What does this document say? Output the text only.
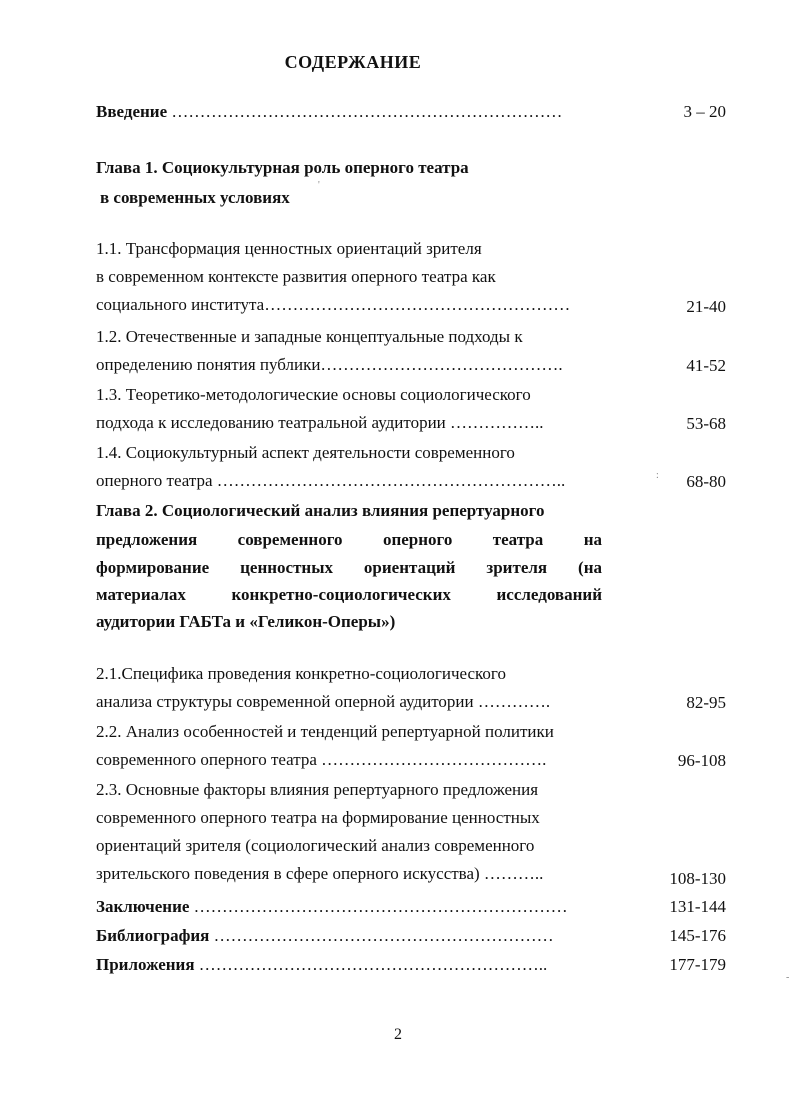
СОДЕРЖАНИЕ
Введение ……………………………………………………………	3 – 20
Глава 1. Социокультурная роль оперного театра
в современных условиях
1.1. Трансформация ценностных ориентаций зрителя
в современном контексте развития оперного театра как
социального института………………………………………………	21-40
1.2. Отечественные и западные концептуальные подходы к
определению понятия публики…………………………………….	41-52
1.3. Теоретико-методологические основы социологического
подхода к исследованию театральной аудитории ……………..	53-68
1.4. Социокультурный аспект деятельности современного
оперного театра ……………………………………………………..	68-80
Глава 2. Социологический анализ влияния репертуарного
предложения современного оперного театра на
формирование ценностных ориентаций зрителя (на
материалах конкретно-социологических исследований
аудитории ГАБТа и «Геликон-Оперы»)
2.1.Специфика проведения конкретно-социологического
анализа структуры современной оперной аудитории ………….	82-95
2.2. Анализ особенностей и тенденций репертуарной политики
современного оперного театра ………………………………….	96-108
2.3. Основные факторы влияния репертуарного предложения
современного оперного театра на формирование ценностных
ориентаций зрителя (социологический анализ современного
зрительского поведения в сфере оперного искусства) ………..	108-130
Заключение …………………………………………………………	131-144
Библиография ……………………………………………………	145-176
Приложения ……………………………………………………..	177-179
2
'
:
-
